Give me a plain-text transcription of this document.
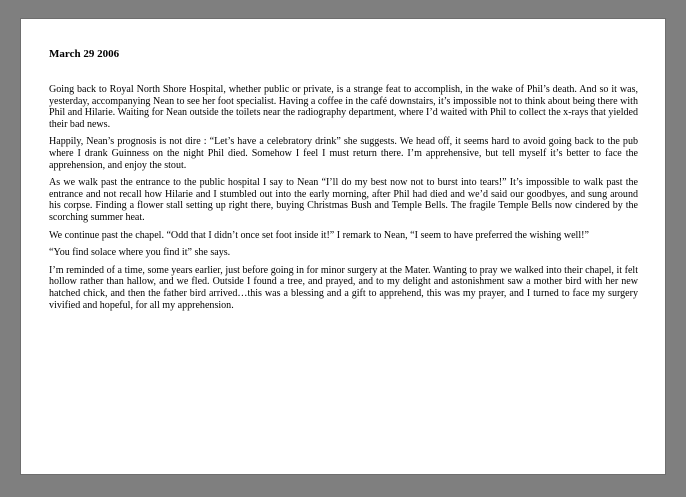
March 29 2006

Going back to Royal North Shore Hospital, whether public or private, is a strange feat to accomplish, in the wake of Phil’s death. And so it was, yesterday, accompanying Nean to see her foot specialist. Having a coffee in the café downstairs, it’s impossible not to think about being there with Phil and Hilarie. Waiting for Nean outside the toilets near the radiography department, where I’d waited with Phil to collect the x-rays that yielded their bad news.

Happily, Nean’s prognosis is not dire : “Let’s have a celebratory drink” she suggests. We head off, it seems hard to avoid going back to the pub where I drank Guinness on the night Phil died. Somehow I feel I must return there. I’m apprehensive, but tell myself it’s better to face the apprehension, and enjoy the stout.

As we walk past the entrance to the public hospital I say to Nean “I’ll do my best now not to burst into tears!” It’s impossible to walk past the entrance and not recall how Hilarie and I stumbled out into the early morning, after Phil had died and we’d said our goodbyes, and sung around his corpse. Finding a flower stall setting up right there, buying Christmas Bush and Temple Bells. The fragile Temple Bells now cindered by the scorching summer heat.

We continue past the chapel. “Odd that I didn’t once set foot inside it!” I remark to Nean, “I seem to have preferred the wishing well!”

“You find solace where you find it” she says.

I’m reminded of a time, some years earlier, just before going in for minor surgery at the Mater. Wanting to pray we walked into their chapel, it felt hollow rather than hallow, and we fled. Outside I found a tree, and prayed, and to my delight and astonishment saw a mother bird with her new hatched chick, and then the father bird arrived…this was a blessing and a gift to apprehend, this was my prayer, and I turned to face my surgery vivified and hopeful, for all my apprehension.
